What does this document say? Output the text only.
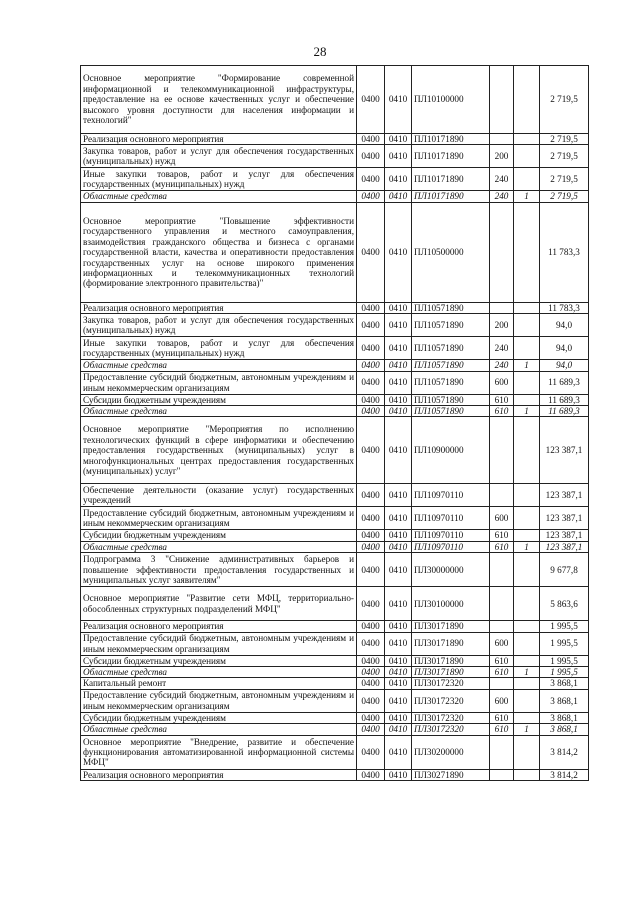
28
Основное мероприятие "Формирование современной информационной и телекоммуникационной инфраструктуры, предоставление на ее основе качественных услуг и обеспечение высокого уровня доступности для населения информации и технологий"	0400	0410	ПЛ10100000			2 719,5
Реализация основного мероприятия	0400	0410	ПЛ10171890			2 719,5
Закупка товаров, работ и услуг для обеспечения государственных (муниципальных) нужд	0400	0410	ПЛ10171890	200		2 719,5
Иные закупки товаров, работ и услуг для обеспечения государственных (муниципальных) нужд	0400	0410	ПЛ10171890	240		2 719,5
Областные средства	0400	0410	ПЛ10171890	240	1	2 719,5
Основное мероприятие "Повышение эффективности государственного управления и местного самоуправления, взаимодействия гражданского общества и бизнеса с органами государственной власти, качества и оперативности предоставления государственных услуг на основе широкого применения информационных и телекоммуникационных технологий (формирование электронного правительства)"	0400	0410	ПЛ10500000			11 783,3
Реализация основного мероприятия	0400	0410	ПЛ10571890			11 783,3
Закупка товаров, работ и услуг для обеспечения государственных (муниципальных) нужд	0400	0410	ПЛ10571890	200		94,0
Иные закупки товаров, работ и услуг для обеспечения государственных (муниципальных) нужд	0400	0410	ПЛ10571890	240		94,0
Областные средства	0400	0410	ПЛ10571890	240	1	94,0
Предоставление субсидий бюджетным, автономным учреждениям и иным некоммерческим организациям	0400	0410	ПЛ10571890	600		11 689,3
Субсидии бюджетным учреждениям	0400	0410	ПЛ10571890	610		11 689,3
Областные средства	0400	0410	ПЛ10571890	610	1	11 689,3
Основное мероприятие "Мероприятия по исполнению технологических функций в сфере информатики и обеспечению предоставления государственных (муниципальных) услуг в многофункциональных центрах предоставления государственных (муниципальных) услуг"	0400	0410	ПЛ10900000			123 387,1
Обеспечение деятельности (оказание услуг) государственных учреждений	0400	0410	ПЛ10970110			123 387,1
Предоставление субсидий бюджетным, автономным учреждениям и иным некоммерческим организациям	0400	0410	ПЛ10970110	600		123 387,1
Субсидии бюджетным учреждениям	0400	0410	ПЛ10970110	610		123 387,1
Областные средства	0400	0410	ПЛ10970110	610	1	123 387,1
Подпрограмма 3 "Снижение административных барьеров и повышение эффективности предоставления государственных и муниципальных услуг заявителям"	0400	0410	ПЛ30000000			9 677,8
Основное мероприятие "Развитие сети МФЦ, территориально-обособленных структурных подразделений МФЦ"	0400	0410	ПЛ30100000			5 863,6
Реализация основного мероприятия	0400	0410	ПЛ30171890			1 995,5
Предоставление субсидий бюджетным, автономным учреждениям и иным некоммерческим организациям	0400	0410	ПЛ30171890	600		1 995,5
Субсидии бюджетным учреждениям	0400	0410	ПЛ30171890	610		1 995,5
Областные средства	0400	0410	ПЛ30171890	610	1	1 995,5
Капитальный ремонт	0400	0410	ПЛ30172320			3 868,1
Предоставление субсидий бюджетным, автономным учреждениям и иным некоммерческим организациям	0400	0410	ПЛ30172320	600		3 868,1
Субсидии бюджетным учреждениям	0400	0410	ПЛ30172320	610		3 868,1
Областные средства	0400	0410	ПЛ30172320	610	1	3 868,1
Основное мероприятие "Внедрение, развитие и обеспечение функционирования автоматизированной информационной системы МФЦ"	0400	0410	ПЛ30200000			3 814,2
Реализация основного мероприятия	0400	0410	ПЛ30271890			3 814,2
